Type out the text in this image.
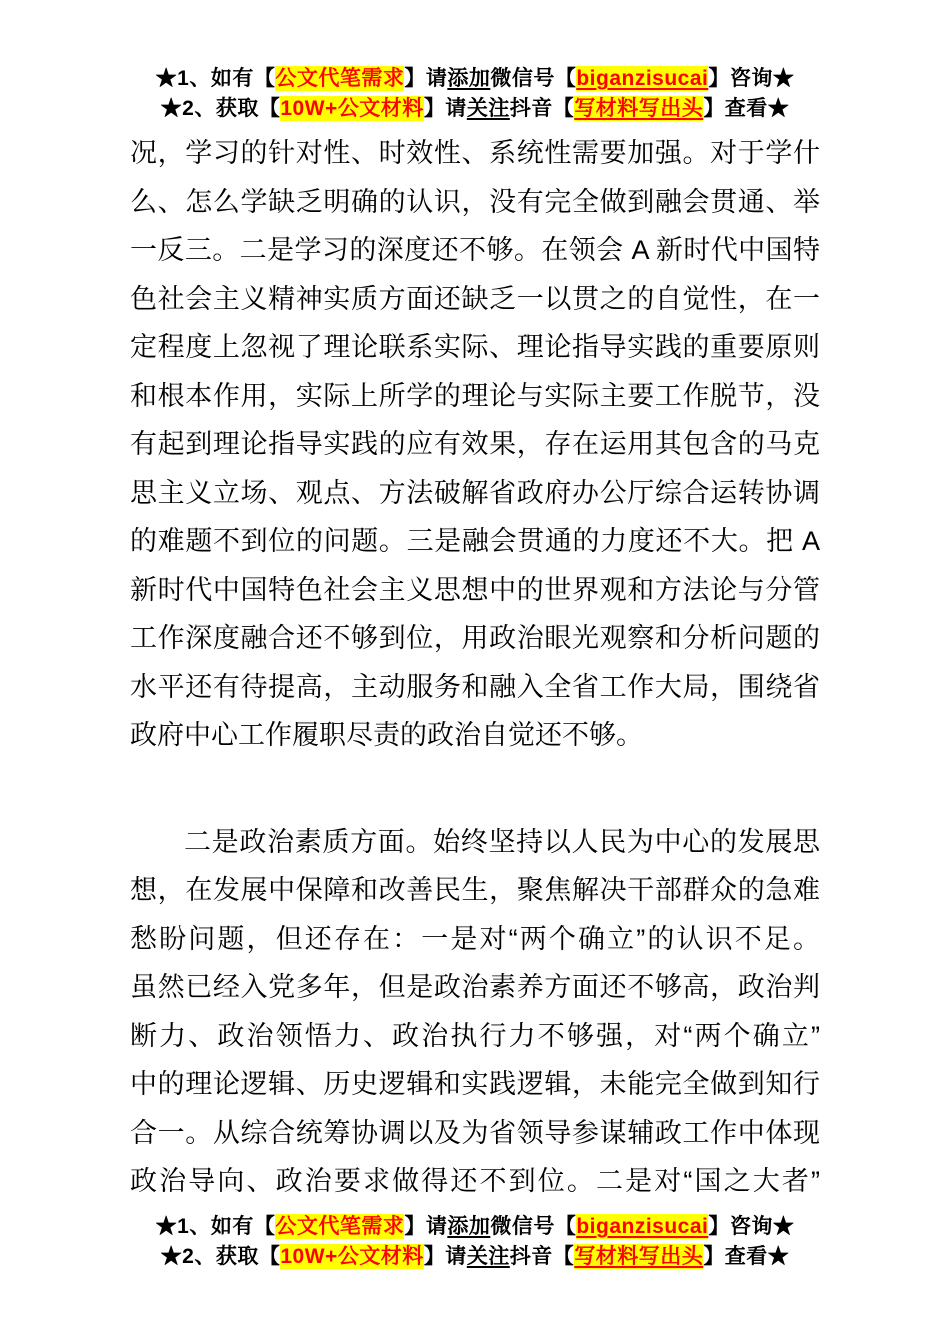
★1、如有【公文代笔需求】请添加微信号【biganzisucai】咨询★
★2、获取【10W+公文材料】请关注抖音【写材料写出头】查看★
况，学习的针对性、时效性、系统性需要加强。对于学什
么、怎么学缺乏明确的认识，没有完全做到融会贯通、举
一反三。二是学习的深度还不够。在领会 A 新时代中国特
色社会主义精神实质方面还缺乏一以贯之的自觉性，在一
定程度上忽视了理论联系实际、理论指导实践的重要原则
和根本作用，实际上所学的理论与实际主要工作脱节，没
有起到理论指导实践的应有效果，存在运用其包含的马克
思主义立场、观点、方法破解省政府办公厅综合运转协调
的难题不到位的问题。三是融会贯通的力度还不大。把 A
新时代中国特色社会主义思想中的世界观和方法论与分管
工作深度融合还不够到位，用政治眼光观察和分析问题的
水平还有待提高，主动服务和融入全省工作大局，围绕省
政府中心工作履职尽责的政治自觉还不够。
二是政治素质方面。始终坚持以人民为中心的发展思
想，在发展中保障和改善民生，聚焦解决干部群众的急难
愁盼问题，但还存在：一是对“两个确立”的认识不足。
虽然已经入党多年，但是政治素养方面还不够高，政治判
断力、政治领悟力、政治执行力不够强，对“两个确立”
中的理论逻辑、历史逻辑和实践逻辑，未能完全做到知行
合一。从综合统筹协调以及为省领导参谋辅政工作中体现
政治导向、政治要求做得还不到位。二是对“国之大者”
★1、如有【公文代笔需求】请添加微信号【biganzisucai】咨询★
★2、获取【10W+公文材料】请关注抖音【写材料写出头】查看★
